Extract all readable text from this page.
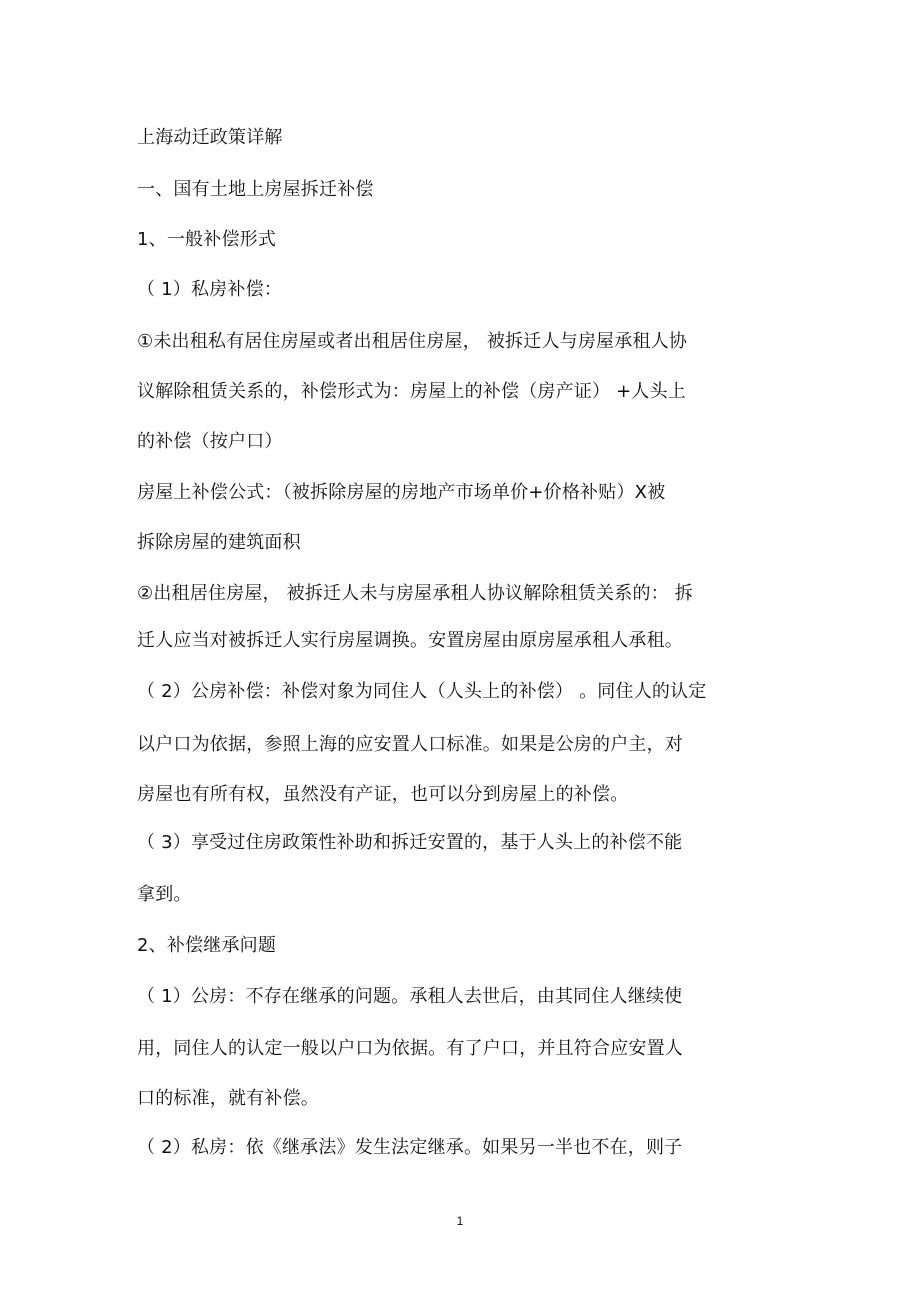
上海动迁政策详解
一、国有土地上房屋拆迁补偿
1、一般补偿形式
（ 1）私房补偿：
①未出租私有居住房屋或者出租居住房屋， 被拆迁人与房屋承租人协
议解除租赁关系的，补偿形式为：房屋上的补偿（房产证） +人头上
的补偿（按户口）
房屋上补偿公式：（被拆除房屋的房地产市场单价+价格补贴）X被
拆除房屋的建筑面积
②出租居住房屋， 被拆迁人未与房屋承租人协议解除租赁关系的： 拆
迁人应当对被拆迁人实行房屋调换。安置房屋由原房屋承租人承租。
（ 2）公房补偿：补偿对象为同住人（人头上的补偿） 。同住人的认定
以户口为依据，参照上海的应安置人口标准。如果是公房的户主，对
房屋也有所有权，虽然没有产证，也可以分到房屋上的补偿。
（ 3）享受过住房政策性补助和拆迁安置的，基于人头上的补偿不能
拿到。
2、补偿继承问题
（ 1）公房：不存在继承的问题。承租人去世后，由其同住人继续使
用，同住人的认定一般以户口为依据。有了户口，并且符合应安置人
口的标准，就有补偿。
（ 2）私房：依《继承法》发生法定继承。如果另一半也不在，则子
1
